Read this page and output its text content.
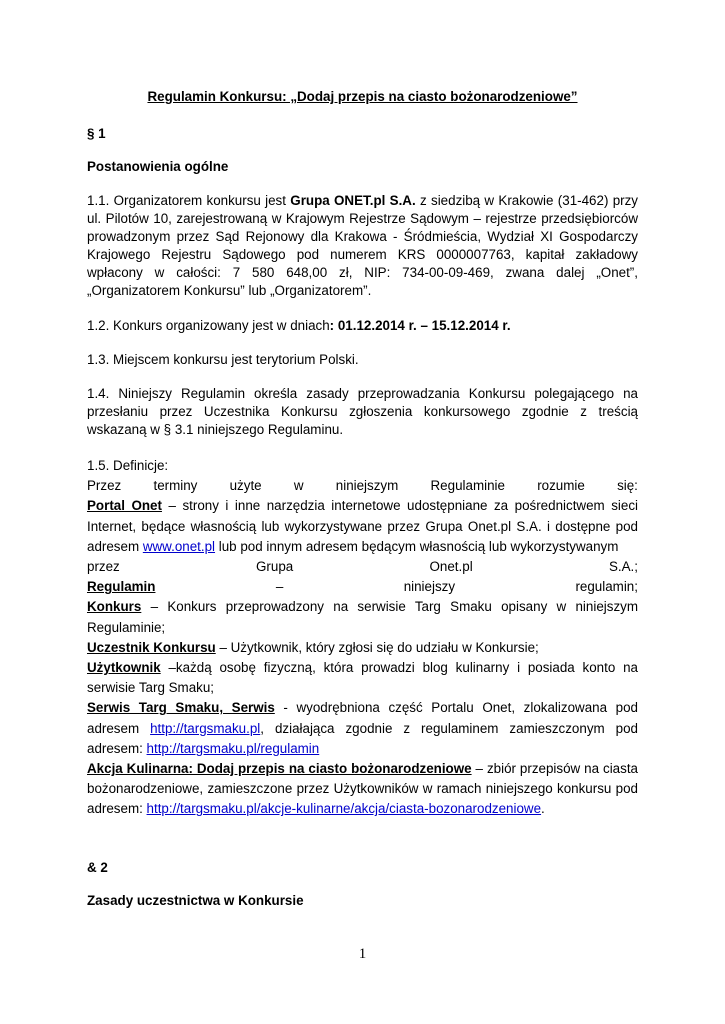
Regulamin Konkursu: „Dodaj przepis na ciasto bożonarodzeniowe”

§ 1

Postanowienia ogólne

1.1. Organizatorem konkursu jest Grupa ONET.pl S.A. z siedzibą w Krakowie (31-462) przy ul. Pilotów 10, zarejestrowaną w Krajowym Rejestrze Sądowym – rejestrze przedsiębiorców prowadzonym przez Sąd Rejonowy dla Krakowa - Śródmieścia, Wydział XI Gospodarczy Krajowego Rejestru Sądowego pod numerem KRS 0000007763, kapitał zakładowy wpłacony w całości: 7 580 648,00 zł, NIP: 734-00-09-469, zwana dalej „Onet”, „Organizatorem Konkursu” lub „Organizatorem”.

1.2. Konkurs organizowany jest w dniach: 01.12.2014 r. – 15.12.2014 r.

1.3. Miejscem konkursu jest terytorium Polski.

1.4. Niniejszy Regulamin określa zasady przeprowadzania Konkursu polegającego na przesłaniu przez Uczestnika Konkursu zgłoszenia konkursowego zgodnie z treścią wskazaną w § 3.1 niniejszego Regulaminu.

1.5. Definicje:
Przez terminy użyte w niniejszym Regulaminie rozumie się:
Portal Onet – strony i inne narzędzia internetowe udostępniane za pośrednictwem sieci Internet, będące własnością lub wykorzystywane przez Grupa Onet.pl S.A. i dostępne pod adresem www.onet.pl lub pod innym adresem będącym własnością lub wykorzystywanym
przez	Grupa	Onet.pl	S.A.;
Regulamin	–	niniejszy	regulamin;
Konkurs – Konkurs przeprowadzony na serwisie Targ Smaku opisany w niniejszym Regulaminie;
Uczestnik Konkursu – Użytkownik, który zgłosi się do udziału w Konkursie;
Użytkownik –każdą osobę fizyczną, która prowadzi blog kulinarny i posiada konto na serwisie Targ Smaku;
Serwis Targ Smaku, Serwis - wyodrębniona część Portalu Onet, zlokalizowana pod adresem http://targsmaku.pl, działająca zgodnie z regulaminem zamieszczonym pod adresem: http://targsmaku.pl/regulamin
Akcja Kulinarna: Dodaj przepis na ciasto bożonarodzeniowe – zbiór przepisów na ciasta bożonarodzeniowe, zamieszczone przez Użytkowników w ramach niniejszego konkursu pod adresem: http://targsmaku.pl/akcje-kulinarne/akcja/ciasta-bozonarodzeniowe.

& 2

Zasady uczestnictwa w Konkursie

1
